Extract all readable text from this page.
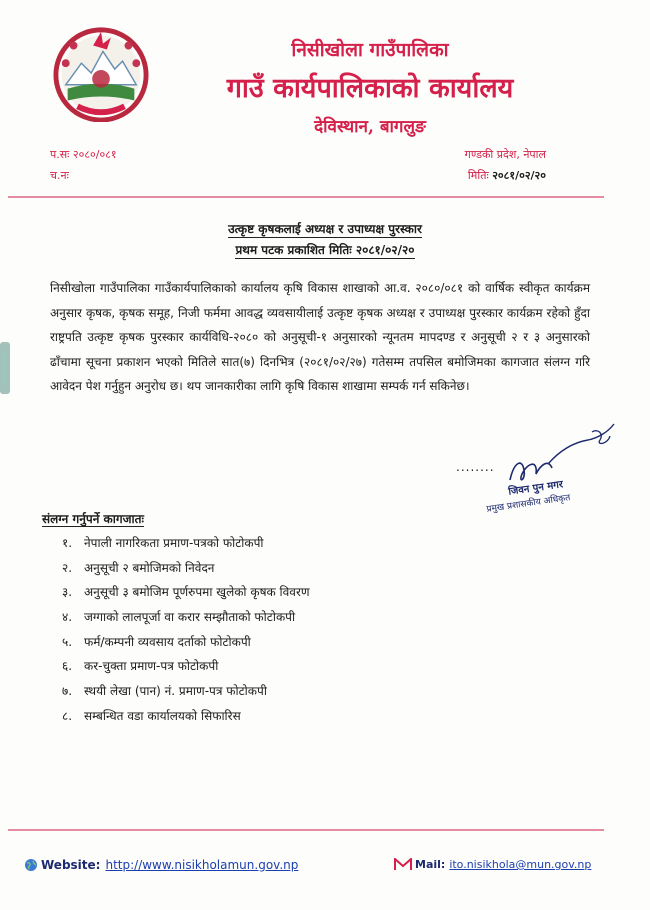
निसीखोला गाउँपालिका
गाउँ कार्यपालिकाको कार्यालय
देविस्थान, बागलुङ
प.सः २०८०/०८१
च.नः
गण्डकी प्रदेश, नेपाल
मितिः २०८१/०२/२०
उत्कृष्ट कृषकलाई अध्यक्ष र उपाध्यक्ष पुरस्कार
प्रथम पटक प्रकाशित मितिः २०८१/०२/२०
निसीखोला गाउँपालिका गाउँकार्यपालिकाको कार्यालय कृषि विकास शाखाको आ.व. २०८०/०८१ को वार्षिक स्वीकृत कार्यक्रम अनुसार कृषक, कृषक समूह, निजी फर्ममा आवद्ध व्यवसायीलाई उत्कृष्ट कृषक अध्यक्ष र उपाध्यक्ष पुरस्कार कार्यक्रम रहेको हुँदा राष्ट्रपति उत्कृष्ट कृषक पुरस्कार कार्यविधि-२०८० को अनुसूची-१ अनुसारको न्यूनतम मापदण्ड र अनुसूची २ र ३ अनुसारको ढाँचामा सूचना प्रकाशन भएको मितिले सात(७) दिनभित्र (२०८१/०२/२७) गतेसम्म तपसिल बमोजिमका कागजात संलग्न गरि आवेदन पेश गर्नुहुन अनुरोध छ। थप जानकारीका लागि कृषि विकास शाखामा सम्पर्क गर्न सकिनेछ।
........
जिवन पुन मगर
प्रमुख प्रशासकीय अधिकृत
संलग्न गर्नुपर्ने कागजातः
१. नेपाली नागरिकता प्रमाण-पत्रको फोटोकपी
२. अनुसूची २ बमोजिमको निवेदन
३. अनुसूची ३ बमोजिम पूर्णरुपमा खुलेको कृषक विवरण
४. जग्गाको लालपूर्जा वा करार सम्झौताको फोटोकपी
५. फर्म/कम्पनी व्यवसाय दर्ताको फोटोकपी
६. कर-चुक्ता प्रमाण-पत्र फोटोकपी
७. स्थयी लेखा (पान) नं. प्रमाण-पत्र फोटोकपी
८. सम्बन्धित वडा कार्यालयको सिफारिस
Website: http://www.nisikholamun.gov.np	Mail: ito.nisikhola@mun.gov.np
